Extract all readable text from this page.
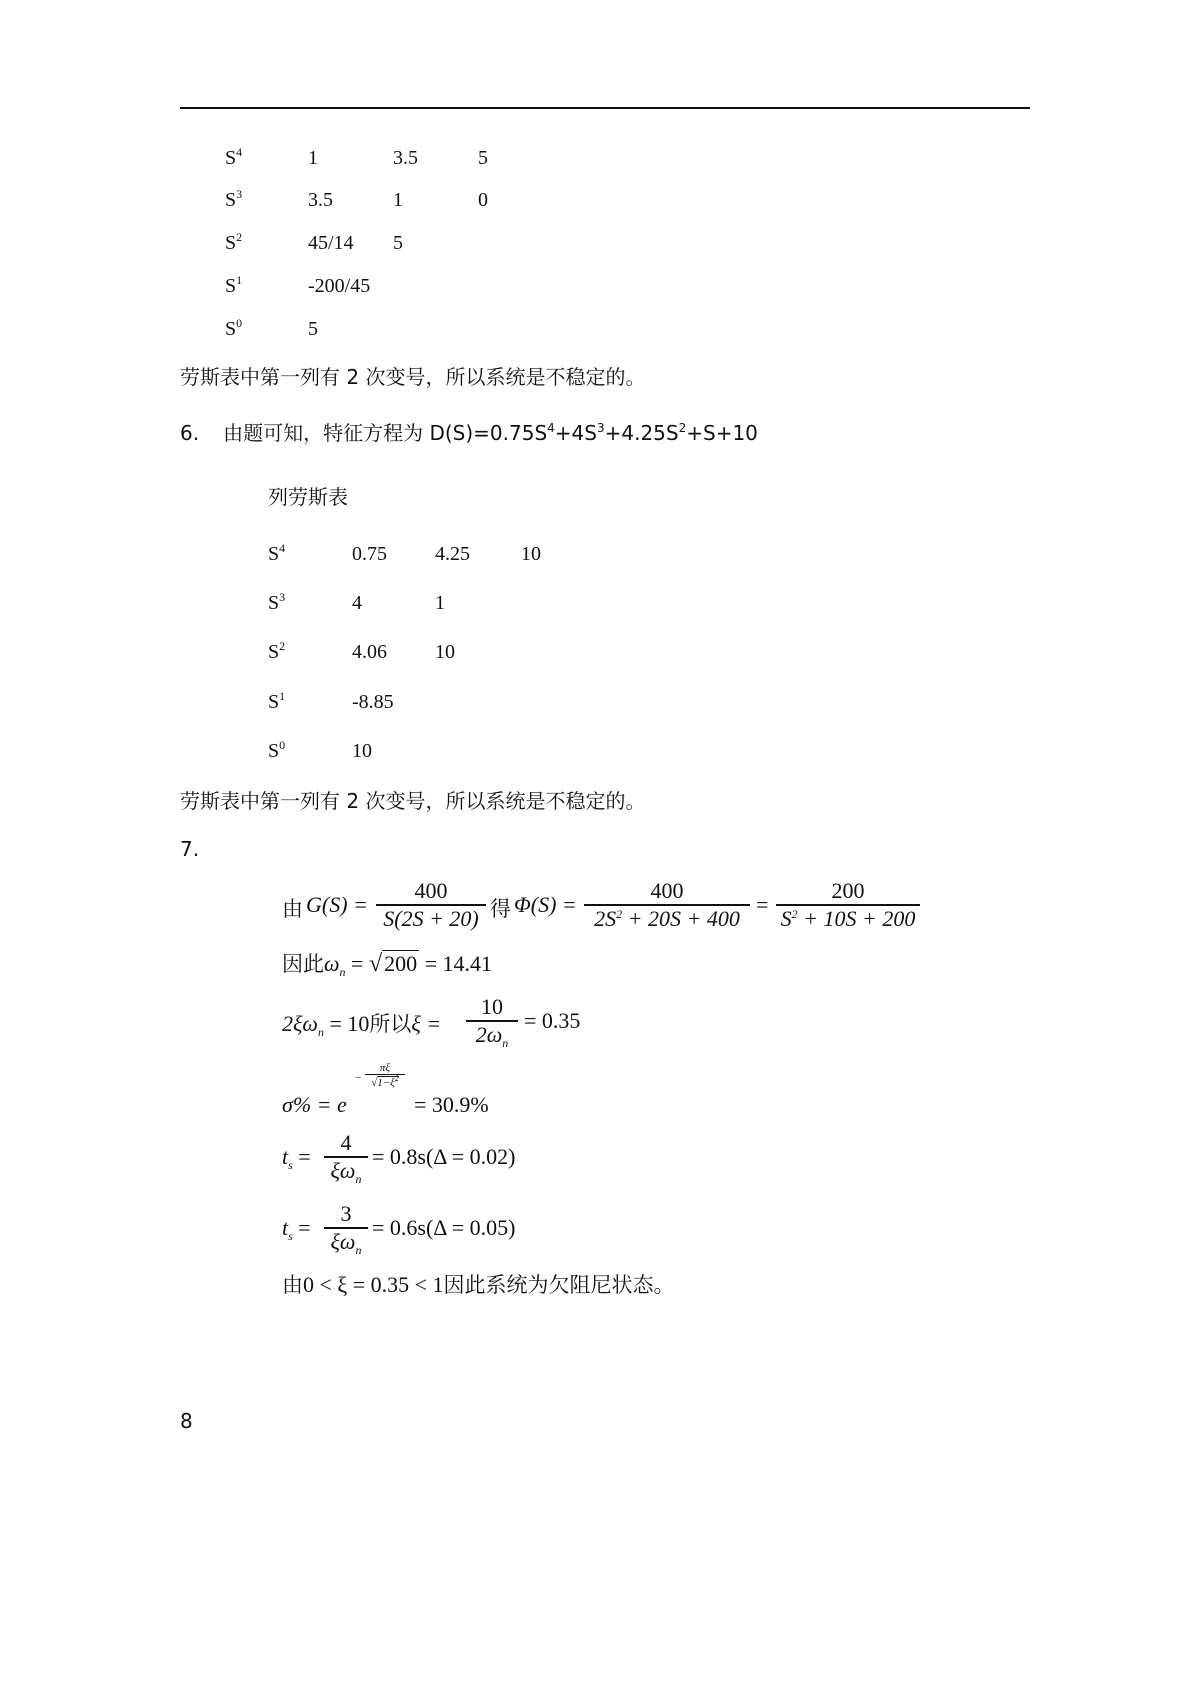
$S^4$	1	3.5	5
$S^3$	3.5	1	0
$S^2$	45/14 5
$S^1$	-200/45
$S^0$	5
劳斯表中第一列有 2 次变号，所以系统是不稳定的。
6. 由题可知，特征方程为 $D(S)=0.75S^4+4S^3+4.25S^2+S+10$
列劳斯表
$S^4$	0.75 4.25	10
$S^3$	4	1
$S^2$	4.06 10
$S^1$	-8.85
$S^0$	10
劳斯表中第一列有 2 次变号，所以系统是不稳定的。
7.
由 G(S) =
400
S(2S + 20) 得 Φ(S) =
400
$2S^2 + 20S + 400$
=
200
$S^2 + 10S + 200$
因此$\omega_n = √200 = 14.41$
$2\xi\omega_n = 10$所以ξ =
10
$2\omega_n$
= 0.35
σ% = e
−
πξ
$√1-\xi^2$
= 30.9%
$t_s$ =
4
$\xi\omega_n$
= 0.8s(Δ = 0.02)
$t_s$ =
3
$\xi\omega_n$
= 0.6s(Δ = 0.05)
由0 < ξ = 0.35 < 1因此系统为欠阻尼状态。
8
